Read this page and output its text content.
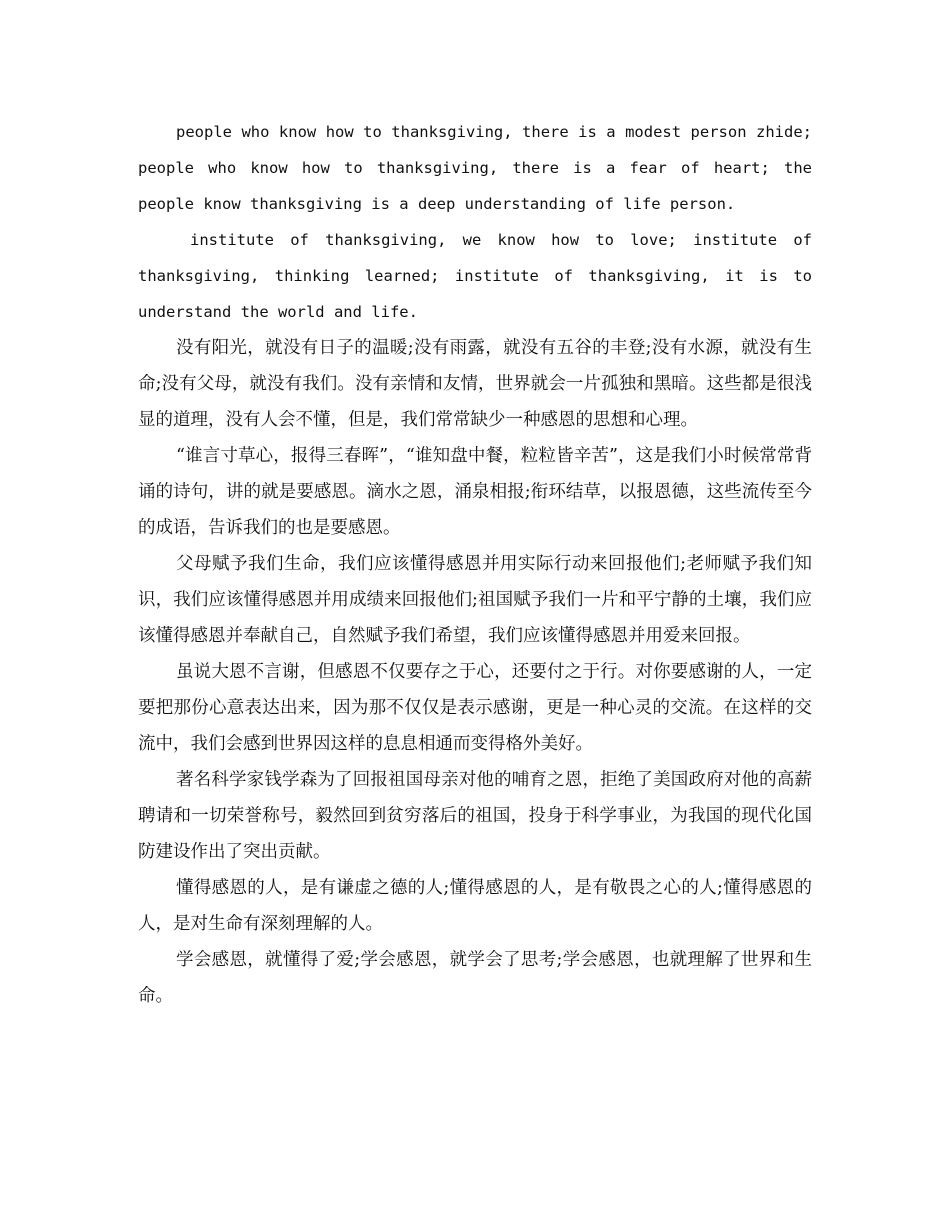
people who know how to thanksgiving, there is a modest person zhide; people who know how to thanksgiving, there is a fear of heart; the people know thanksgiving is a deep understanding of life person.

institute of thanksgiving, we know how to love; institute of thanksgiving, thinking learned; institute of thanksgiving, it is to understand the world and life.

没有阳光，就没有日子的温暖;没有雨露，就没有五谷的丰登;没有水源，就没有生命;没有父母，就没有我们。没有亲情和友情，世界就会一片孤独和黑暗。这些都是很浅显的道理，没有人会不懂，但是，我们常常缺少一种感恩的思想和心理。

“谁言寸草心，报得三春晖”，“谁知盘中餐，粒粒皆辛苦”，这是我们小时候常常背诵的诗句，讲的就是要感恩。滴水之恩，涌泉相报;衔环结草，以报恩德，这些流传至今的成语，告诉我们的也是要感恩。

父母赋予我们生命，我们应该懂得感恩并用实际行动来回报他们;老师赋予我们知识，我们应该懂得感恩并用成绩来回报他们;祖国赋予我们一片和平宁静的土壤，我们应该懂得感恩并奉献自己，自然赋予我们希望，我们应该懂得感恩并用爱来回报。

虽说大恩不言谢，但感恩不仅要存之于心，还要付之于行。对你要感谢的人，一定要把那份心意表达出来，因为那不仅仅是表示感谢，更是一种心灵的交流。在这样的交流中，我们会感到世界因这样的息息相通而变得格外美好。

著名科学家钱学森为了回报祖国母亲对他的哺育之恩，拒绝了美国政府对他的高薪聘请和一切荣誉称号，毅然回到贫穷落后的祖国，投身于科学事业，为我国的现代化国防建设作出了突出贡献。

懂得感恩的人，是有谦虚之德的人;懂得感恩的人，是有敬畏之心的人;懂得感恩的人，是对生命有深刻理解的人。

学会感恩，就懂得了爱;学会感恩，就学会了思考;学会感恩，也就理解了世界和生命。
